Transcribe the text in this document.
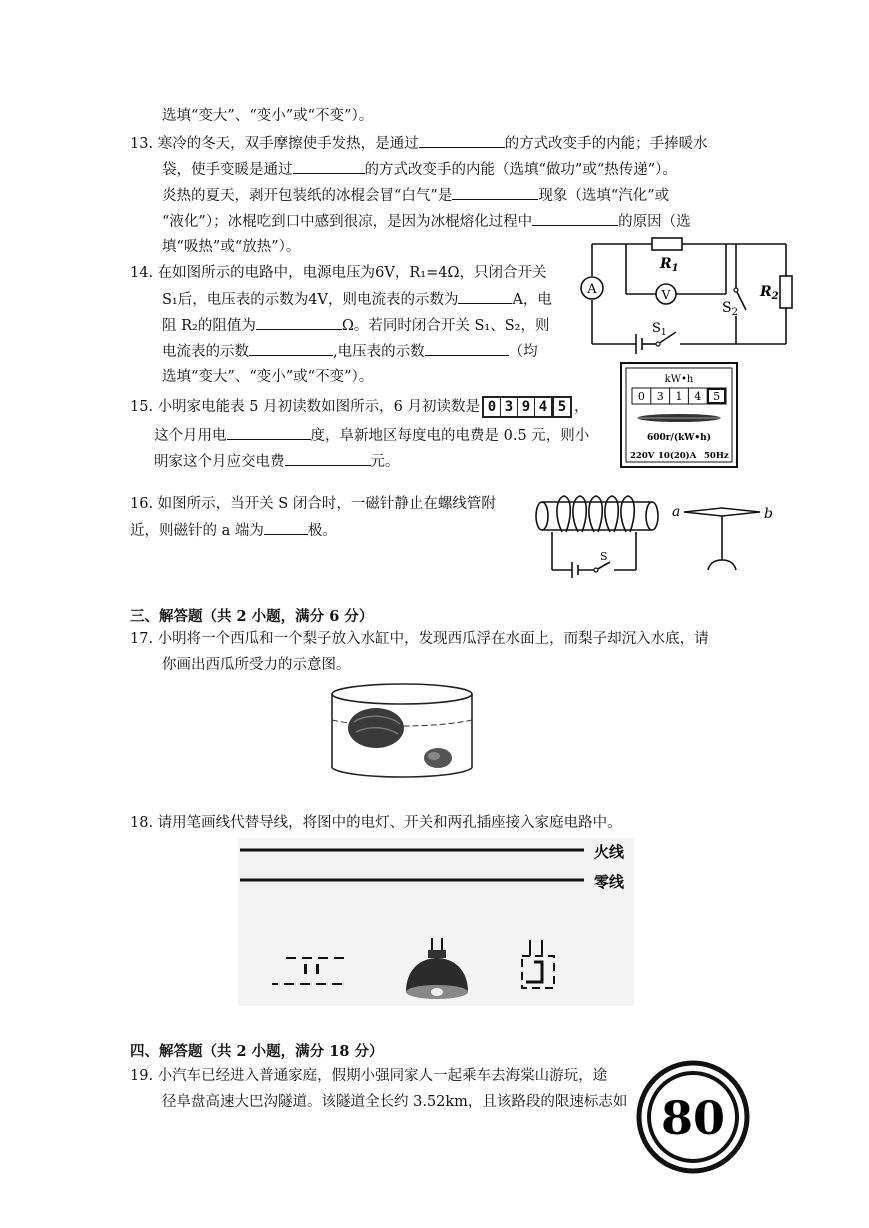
选填“变大”、“变小”或“不变”）。
13. 寒冷的冬天，双手摩擦使手发热，是通过	的方式改变手的内能；手捧暖水
袋，使手变暖是通过	的方式改变手的内能（选填“做功”或“热传递”）。
炎热的夏天，剥开包装纸的冰棍会冒“白气”是	现象（选填“汽化”或
“液化”）；冰棍吃到口中感到很凉，是因为冰棍熔化过程中	的原因（选
填“吸热”或“放热”）。
14. 在如图所示的电路中，电源电压为6V，R₁=4Ω，只闭合开关
S₁后，电压表的示数为4V，则电流表的示数为	A，电
阻 R₂的阻值为	Ω。若同时闭合开关 S₁、S₂，则
电流表的示数	,电压表的示数	（均
选填“变大”、“变小”或“不变”）。
A	V
$R_1$
$R_2$
$S_2$
$S_1$
15. 小明家电能表 5 月初读数如图所示，6 月初读数是 0 3 9 4 5 ，
这个月用电	度，阜新地区每度电的电费是 0.5 元，则小
明家这个月应交电费	元。
kW•h
0 3 1 4 5
600r/(kW•h)
220V 10(20)A 50Hz
16. 如图所示，当开关 S 闭合时，一磁针静止在螺线管附
近，则磁针的 a 端为	极。
a	b
S
三、解答题（共 2 小题，满分 6 分）
17. 小明将一个西瓜和一个梨子放入水缸中，发现西瓜浮在水面上，而梨子却沉入水底，请
你画出西瓜所受力的示意图。
18. 请用笔画线代替导线，将图中的电灯、开关和两孔插座接入家庭电路中。
火线
零线
四、解答题（共 2 小题，满分 18 分）
19. 小汽车已经进入普通家庭，假期小强同家人一起乘车去海棠山游玩，途
径阜盘高速大巴沟隧道。该隧道全长约 3.52km，且该路段的限速标志如 80
